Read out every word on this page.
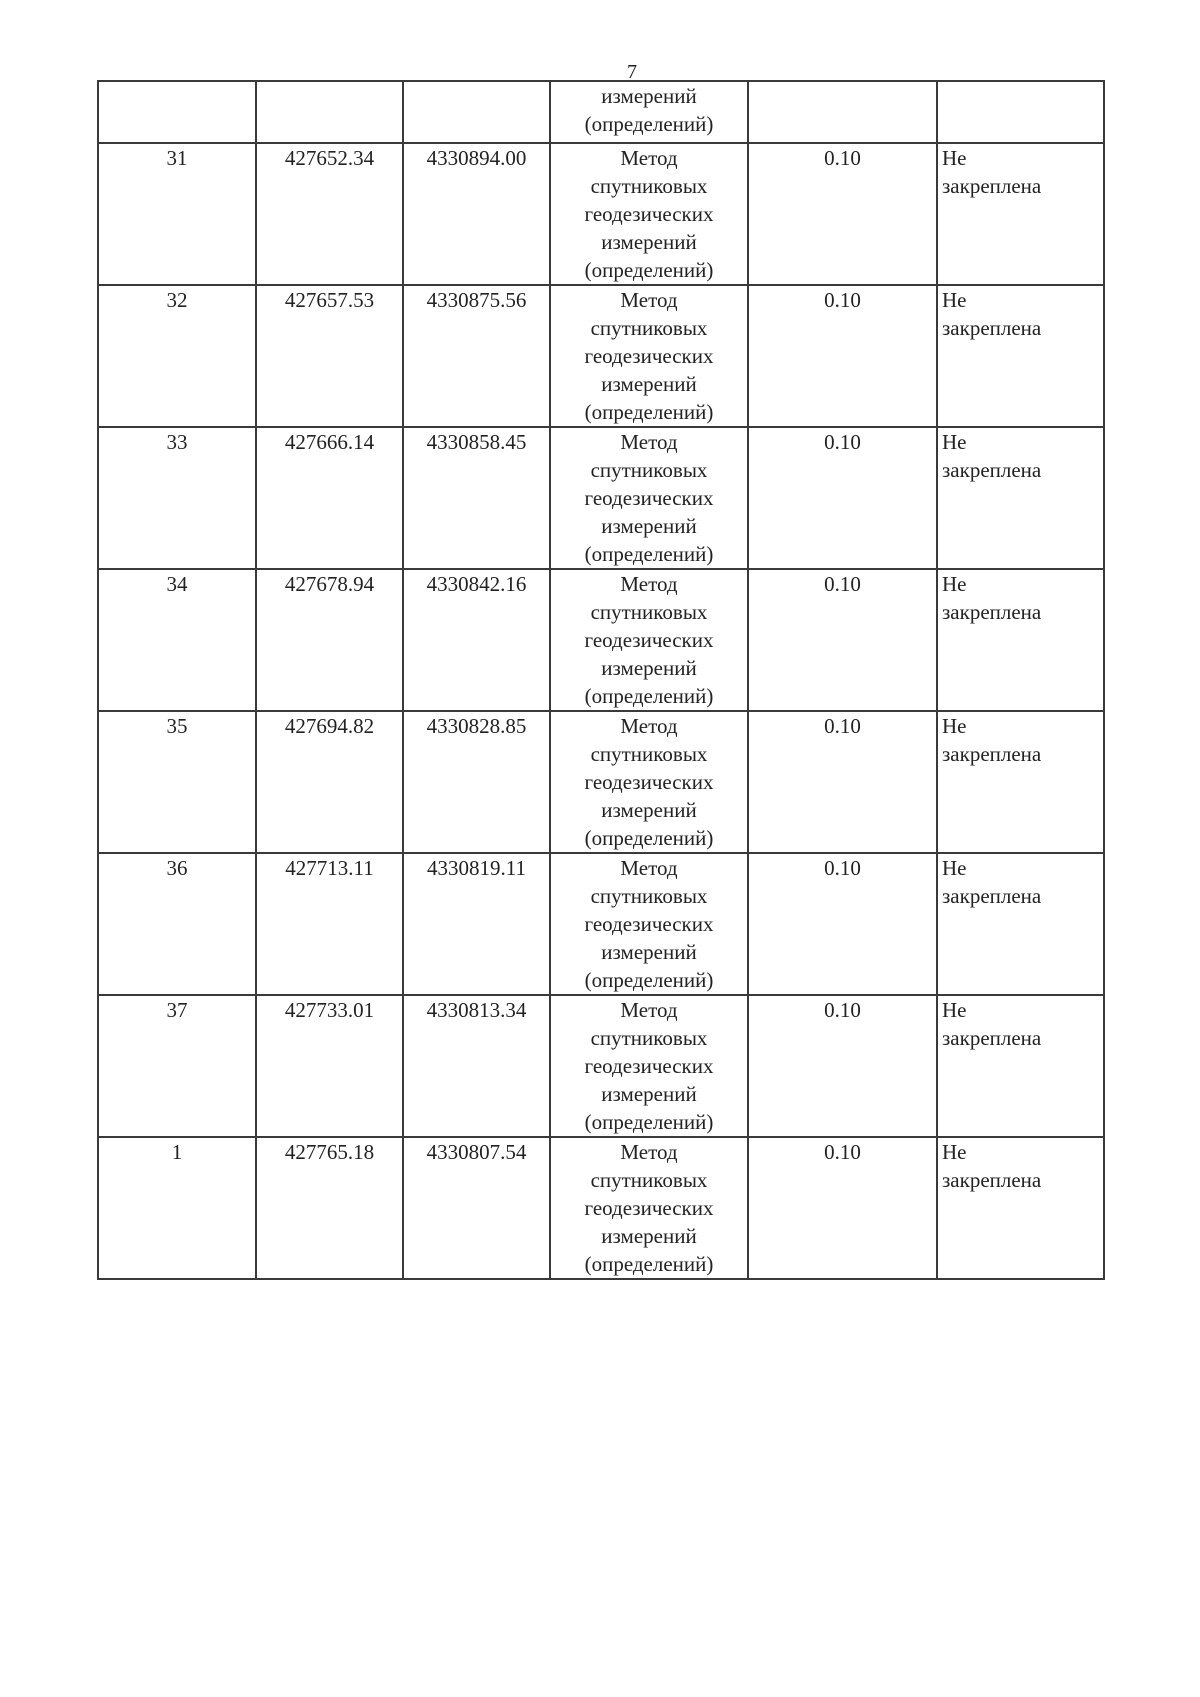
7

			измерений
(определений)		

31	427652.34	4330894.00	Метод
спутниковых
геодезических
измерений
(определений)	0.10	Не
закреплена

32	427657.53	4330875.56	Метод
спутниковых
геодезических
измерений
(определений)	0.10	Не
закреплена

33	427666.14	4330858.45	Метод
спутниковых
геодезических
измерений
(определений)	0.10	Не
закреплена

34	427678.94	4330842.16	Метод
спутниковых
геодезических
измерений
(определений)	0.10	Не
закреплена

35	427694.82	4330828.85	Метод
спутниковых
геодезических
измерений
(определений)	0.10	Не
закреплена

36	427713.11	4330819.11	Метод
спутниковых
геодезических
измерений
(определений)	0.10	Не
закреплена

37	427733.01	4330813.34	Метод
спутниковых
геодезических
измерений
(определений)	0.10	Не
закреплена

1	427765.18	4330807.54	Метод
спутниковых
геодезических
измерений
(определений)	0.10	Не
закреплена
